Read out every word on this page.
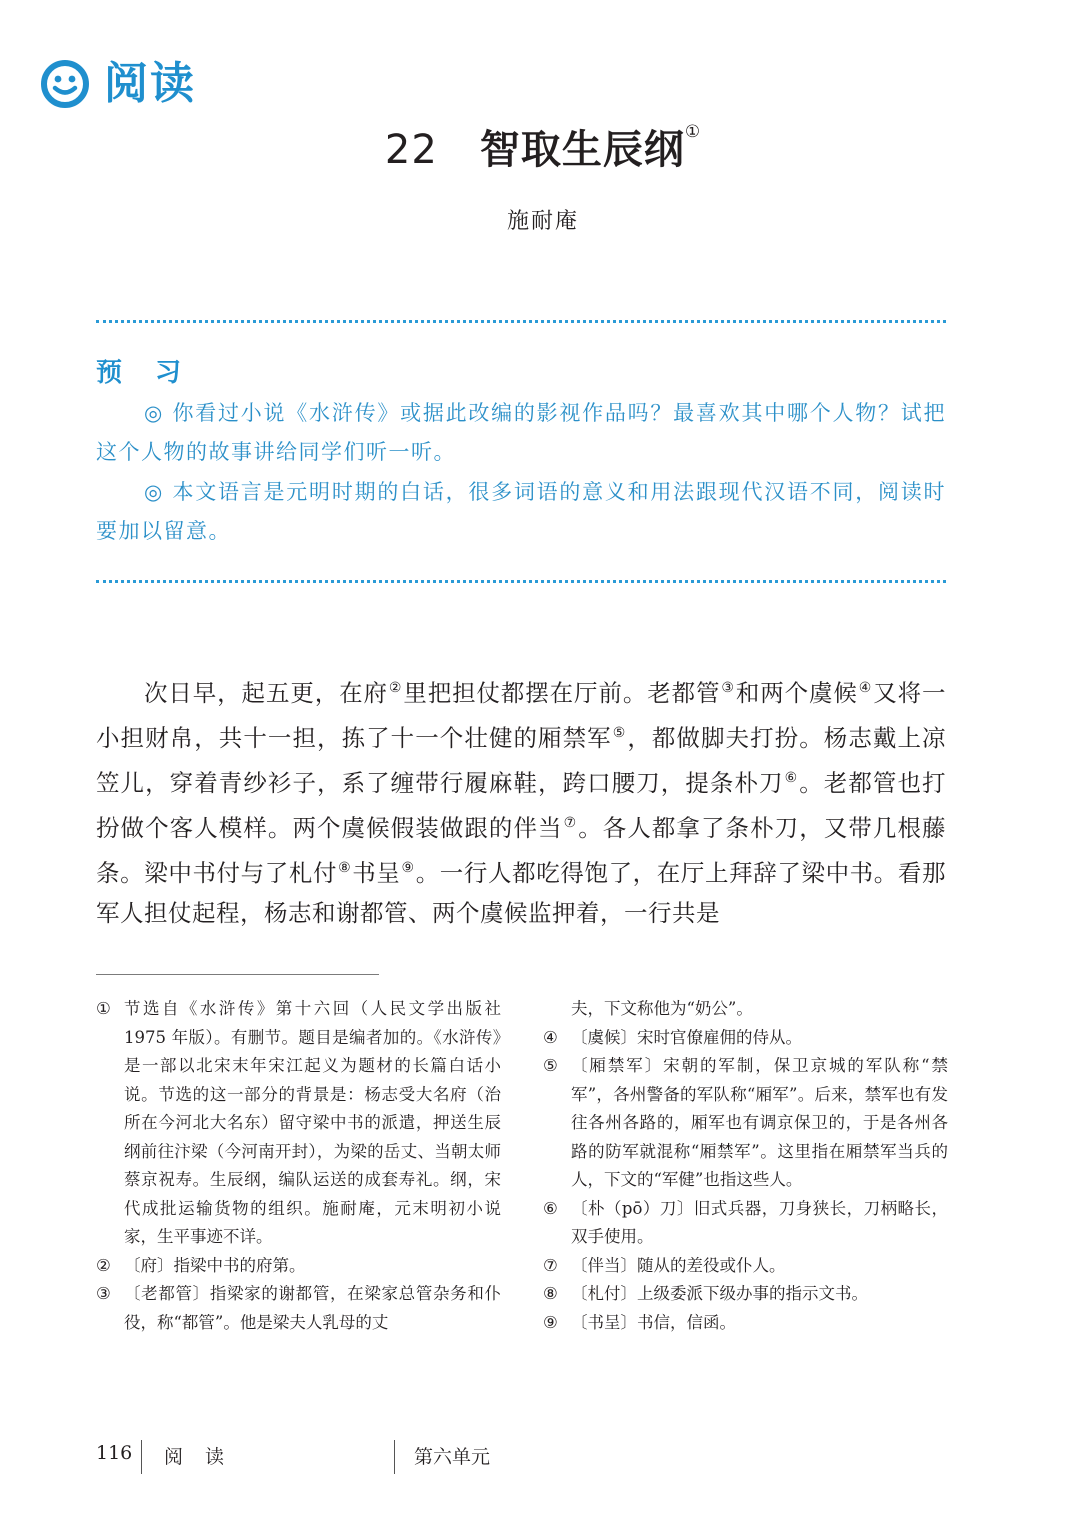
阅读
22 智取生辰纲①
施耐庵
预 习
◎ 你看过小说《水浒传》或据此改编的影视作品吗？最喜欢其中哪个人物？试把这个人物的故事讲给同学们听一听。
◎ 本文语言是元明时期的白话，很多词语的意义和用法跟现代汉语不同，阅读时要加以留意。
次日早，起五更，在府②里把担仗都摆在厅前。老都管③和两个虞候④又将一小担财帛，共十一担，拣了十一个壮健的厢禁军⑤，都做脚夫打扮。杨志戴上凉笠儿，穿着青纱衫子，系了缠带行履麻鞋，跨口腰刀，提条朴刀⑥。老都管也打扮做个客人模样。两个虞候假装做跟的伴当⑦。各人都拿了条朴刀，又带几根藤条。梁中书付与了札付⑧书呈⑨。一行人都吃得饱了，在厅上拜辞了梁中书。看那军人担仗起程，杨志和谢都管、两个虞候监押着，一行共是
① 节选自《水浒传》第十六回（人民文学出版社 1975 年版）。有删节。题目是编者加的。《水浒传》是一部以北宋末年宋江起义为题材的长篇白话小说。节选的这一部分的背景是：杨志受大名府（治所在今河北大名东）留守梁中书的派遣，押送生辰纲前往汴梁（今河南开封），为梁的岳丈、当朝太师蔡京祝寿。生辰纲，编队运送的成套寿礼。纲，宋代成批运输货物的组织。施耐庵，元末明初小说家，生平事迹不详。
② 〔府〕指梁中书的府第。
③ 〔老都管〕指梁家的谢都管，在梁家总管杂务和仆役，称“都管”。他是梁夫人乳母的丈
夫，下文称他为“奶公”。
④ 〔虞候〕宋时官僚雇佣的侍从。
⑤ 〔厢禁军〕宋朝的军制，保卫京城的军队称“禁军”，各州警备的军队称“厢军”。后来，禁军也有发往各州各路的，厢军也有调京保卫的，于是各州各路的防军就混称“厢禁军”。这里指在厢禁军当兵的人，下文的“军健”也指这些人。
⑥ 〔朴（pō）刀〕旧式兵器，刀身狭长，刀柄略长，双手使用。
⑦ 〔伴当〕随从的差役或仆人。
⑧ 〔札付〕上级委派下级办事的指示文书。
⑨ 〔书呈〕书信，信函。
116 阅 读	第六单元
